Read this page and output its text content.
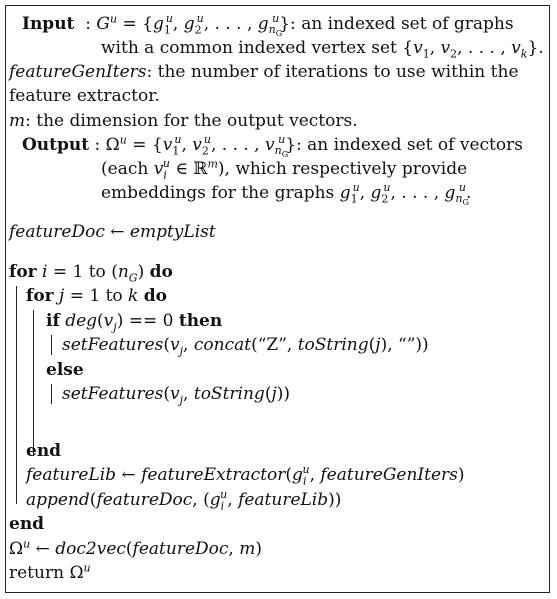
Input  : $G^u = \{g_1^u$, $g_2^u$, . . . , $g_{n_G}^u$}: an indexed set of graphs
with a common indexed vertex set {$v_1$, $v_2$, . . . , $v_k$}.
featureGenIters: the number of iterations to use within the
feature extractor.
m: the dimension for the output vectors.
Output : $\Omega^u = \{v_1^u$, $v_2^u$, . . . , $v_{n_G}^u$}: an indexed set of vectors
(each $v_i^u$ ∈ ℝ$^m$), which respectively provide
embeddings for the graphs $g_1^u$, $g_2^u$, . . . , $g_{n_G}^u$.
featureDoc ← emptyList
for i = 1 to $(n_G)$ do
for j = 1 to k do
if $deg(v_j) == 0$ then
$setFeatures(v_j$, concat(“Z”, toString(j), “”))
else
$setFeatures(v_j$, toString(j))
end
featureLib ← $featureExtractor(g_i^u$, featureGenIters)
append(featureDoc, ($g_i^u$, featureLib))
end
$\Omega^u$ ← doc2vec(featureDoc, m)
return $\Omega^u$
